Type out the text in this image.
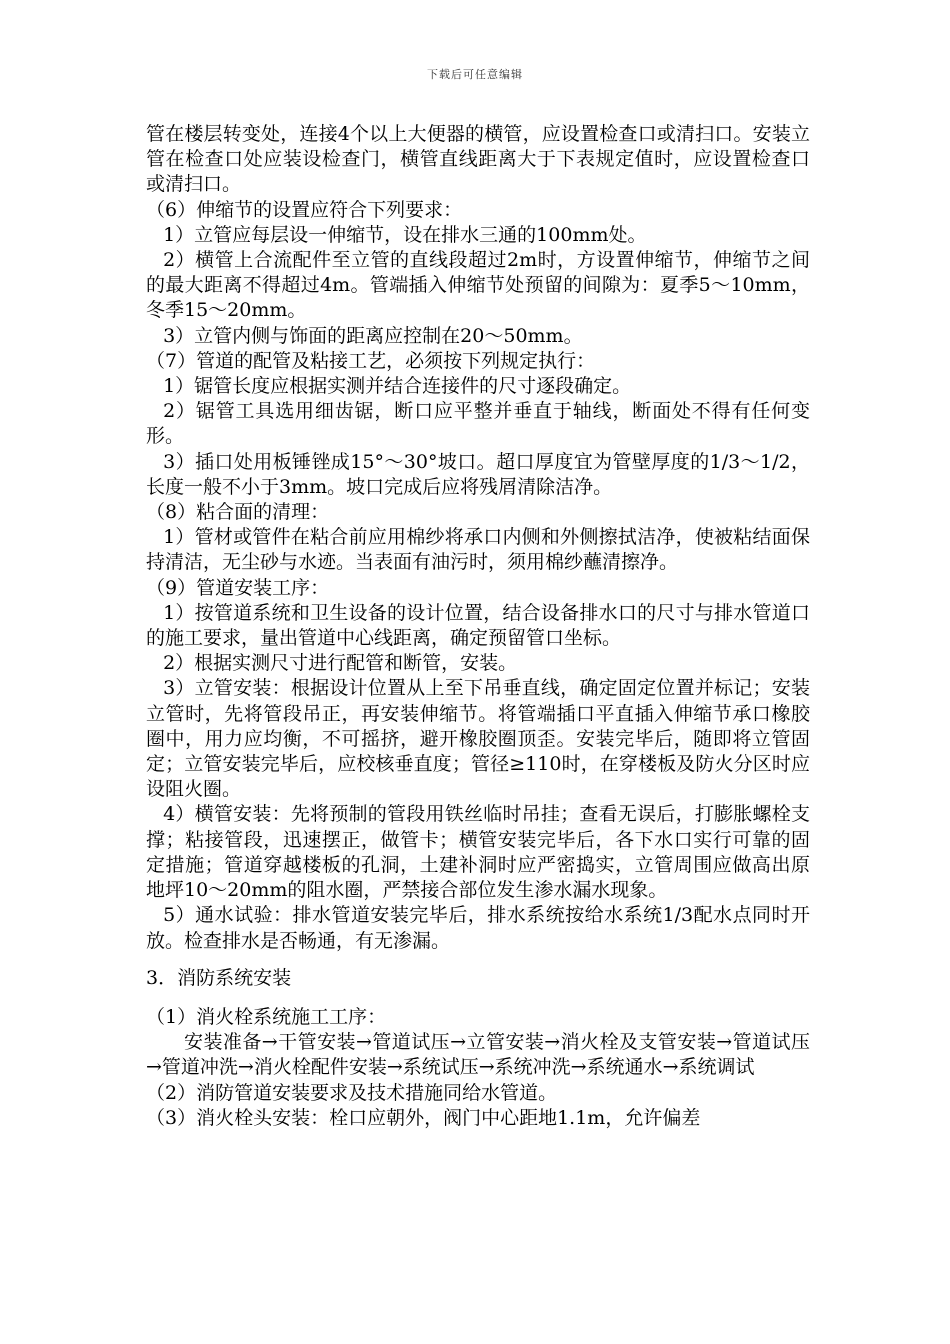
下载后可任意编辑

管在楼层转变处，连接4个以上大便器的横管，应设置检查口或清扫口。安装立管在检查口处应装设检查门，横管直线距离大于下表规定值时，应设置检查口或清扫口。

（6）伸缩节的设置应符合下列要求：

1）立管应每层设一伸缩节，设在排水三通的100mm处。

2）横管上合流配件至立管的直线段超过2m时，方设置伸缩节，伸缩节之间的最大距离不得超过4m。管端插入伸缩节处预留的间隙为：夏季5～10mm，冬季15～20mm。

3）立管内侧与饰面的距离应控制在20～50mm。

（7）管道的配管及粘接工艺，必须按下列规定执行：

1）锯管长度应根据实测并结合连接件的尺寸逐段确定。

2）锯管工具选用细齿锯，断口应平整并垂直于轴线，断面处不得有任何变形。

3）插口处用板锤锉成15°～30°坡口。超口厚度宜为管壁厚度的1/3～1/2，长度一般不小于3mm。坡口完成后应将残屑清除洁净。

（8）粘合面的清理：

1）管材或管件在粘合前应用棉纱将承口内侧和外侧擦拭洁净，使被粘结面保持清洁，无尘砂与水迹。当表面有油污时，须用棉纱蘸清擦净。

（9）管道安装工序：

1）按管道系统和卫生设备的设计位置，结合设备排水口的尺寸与排水管道口的施工要求，量出管道中心线距离，确定预留管口坐标。

2）根据实测尺寸进行配管和断管，安装。

3）立管安装：根据设计位置从上至下吊垂直线，确定固定位置并标记；安装立管时，先将管段吊正，再安装伸缩节。将管端插口平直插入伸缩节承口橡胶圈中，用力应均衡，不可摇挤，避开橡胶圈顶歪。安装完毕后，随即将立管固定；立管安装完毕后，应校核垂直度；管径≥110时，在穿楼板及防火分区时应设阻火圈。

4）横管安装：先将预制的管段用铁丝临时吊挂；查看无误后，打膨胀螺栓支撑；粘接管段，迅速摆正，做管卡；横管安装完毕后，各下水口实行可靠的固定措施；管道穿越楼板的孔洞，土建补洞时应严密捣实，立管周围应做高出原地坪10～20mm的阻水圈，严禁接合部位发生渗水漏水现象。

5）通水试验：排水管道安装完毕后，排水系统按给水系统1/3配水点同时开放。检查排水是否畅通，有无渗漏。

3．消防系统安装

（1）消火栓系统施工工序：

安装准备→干管安装→管道试压→立管安装→消火栓及支管安装→管道试压→管道冲洗→消火栓配件安装→系统试压→系统冲洗→系统通水→系统调试

（2）消防管道安装要求及技术措施同给水管道。

（3）消火栓头安装：栓口应朝外，阀门中心距地1.1m，允许偏差
